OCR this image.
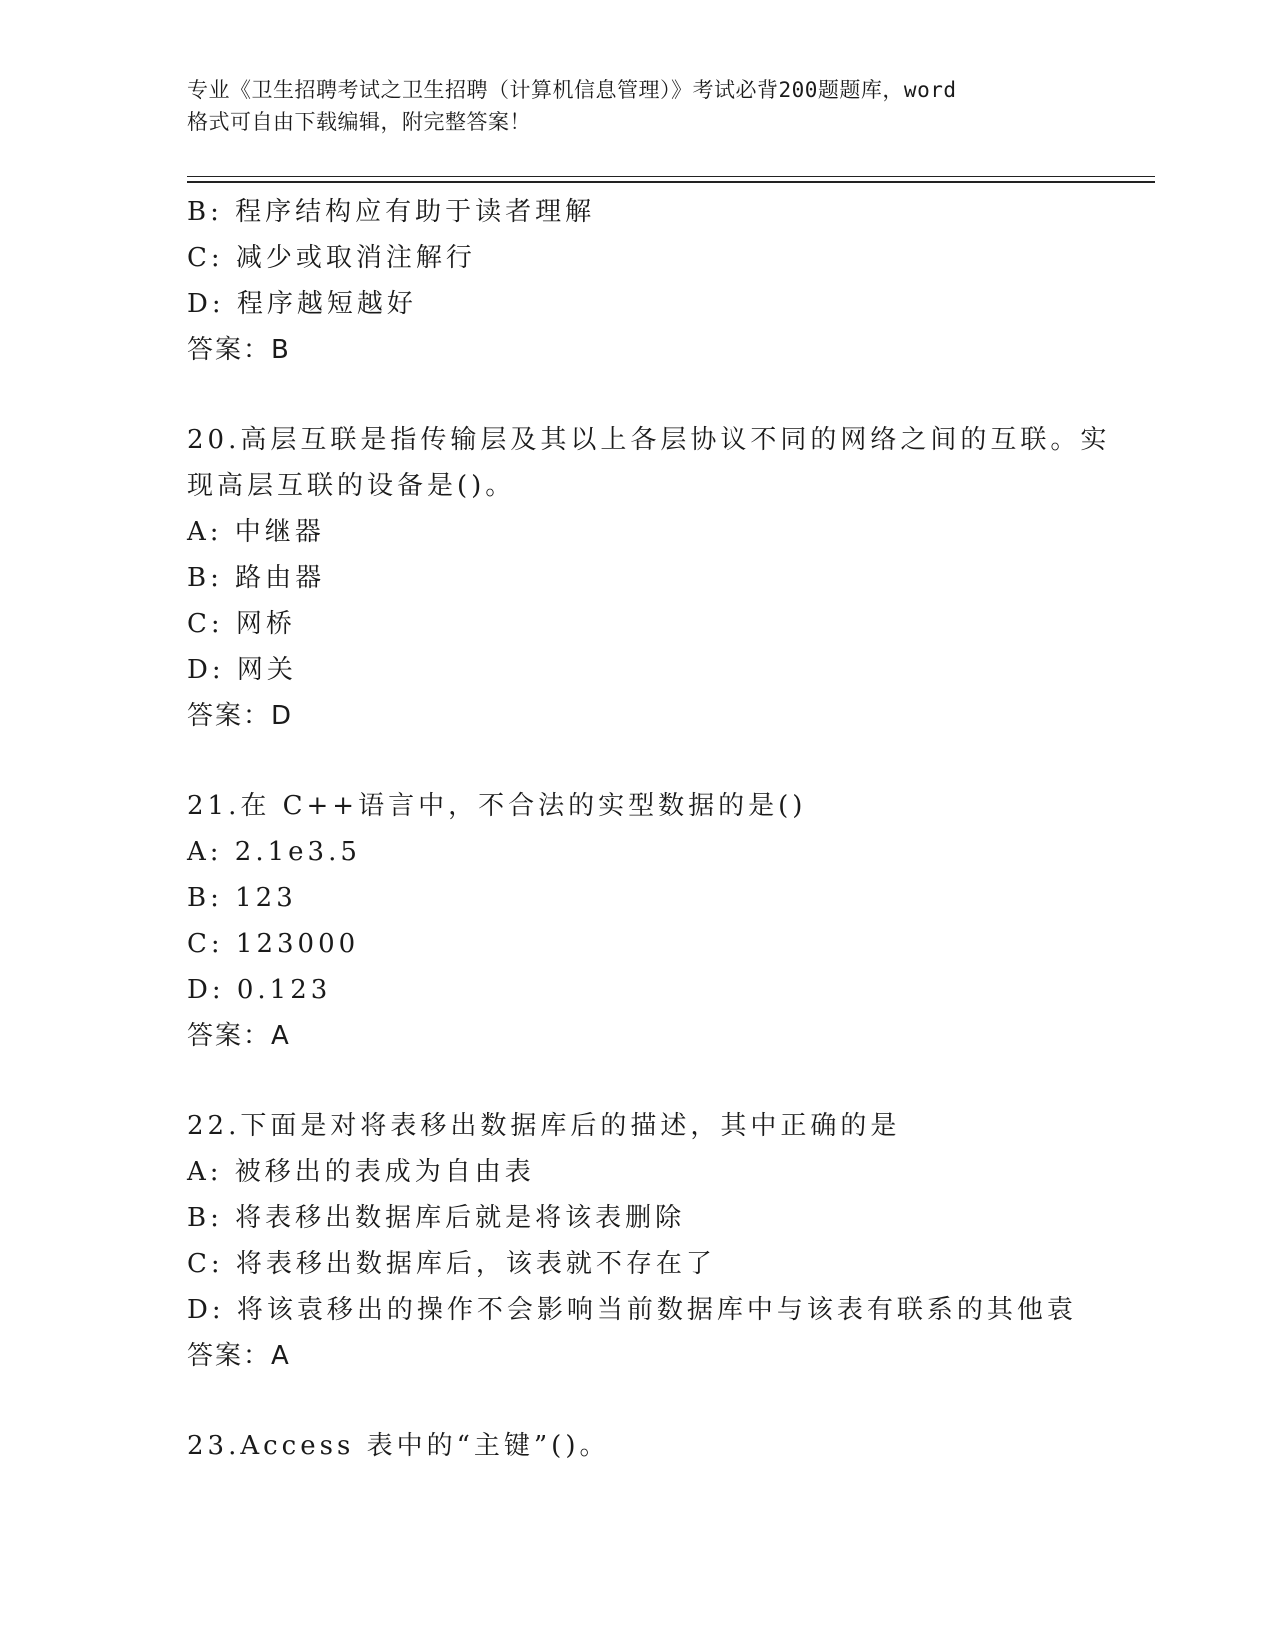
专业《卫生招聘考试之卫生招聘（计算机信息管理）》考试必背200题题库，word
格式可自由下载编辑，附完整答案！
B: 程序结构应有助于读者理解
C: 减少或取消注解行
D: 程序越短越好
答案：B
20.高层互联是指传输层及其以上各层协议不同的网络之间的互联。实
现高层互联的设备是()。
A: 中继器
B: 路由器
C: 网桥
D: 网关
答案：D
21.在 C++语言中，不合法的实型数据的是()
A: 2.1e3.5
B: 123
C: 123000
D: 0.123
答案：A
22.下面是对将表移出数据库后的描述，其中正确的是
A: 被移出的表成为自由表
B: 将表移出数据库后就是将该表删除
C: 将表移出数据库后，该表就不存在了
D: 将该袁移出的操作不会影响当前数据库中与该表有联系的其他袁
答案：A
23.Access 表中的“主键”()。
